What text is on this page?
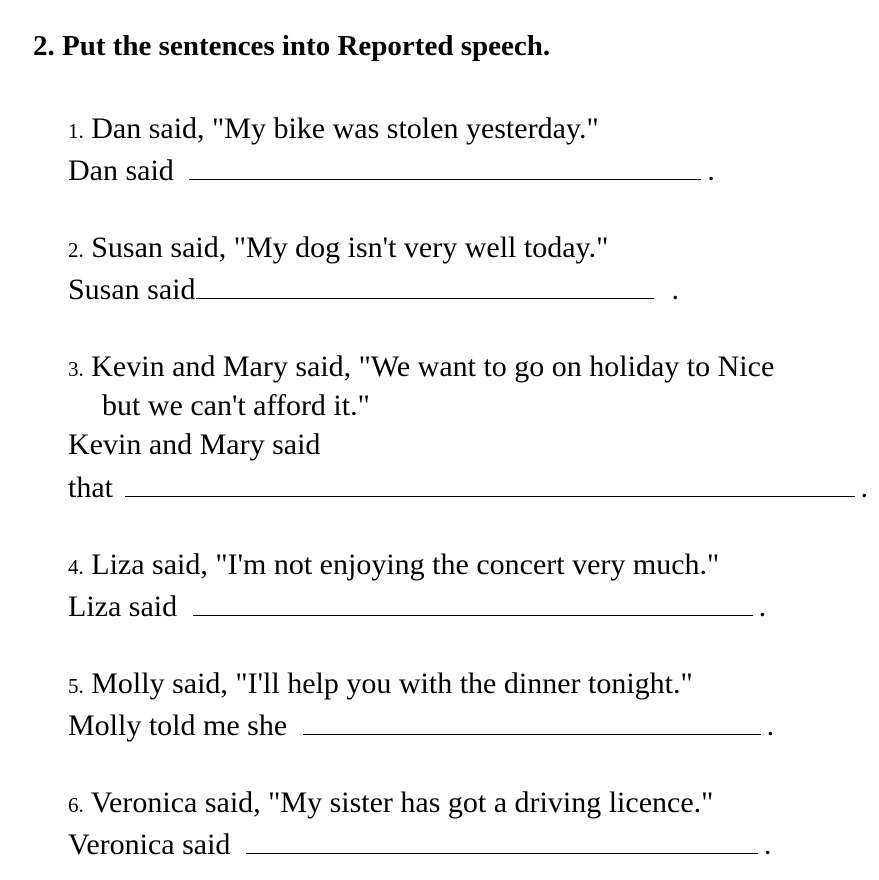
2. Put the sentences into Reported speech.
1. Dan said, "My bike was stolen yesterday."
Dan said	.
2. Susan said, "My dog isn't very well today."
Susan said	.
3. Kevin and Mary said, "We want to go on holiday to Nice
but we can't afford it."
Kevin and Mary said
that	.
4. Liza said, "I'm not enjoying the concert very much."
Liza said	.
5. Molly said, "I'll help you with the dinner tonight."
Molly told me she	.
6. Veronica said, "My sister has got a driving licence."
Veronica said	.
